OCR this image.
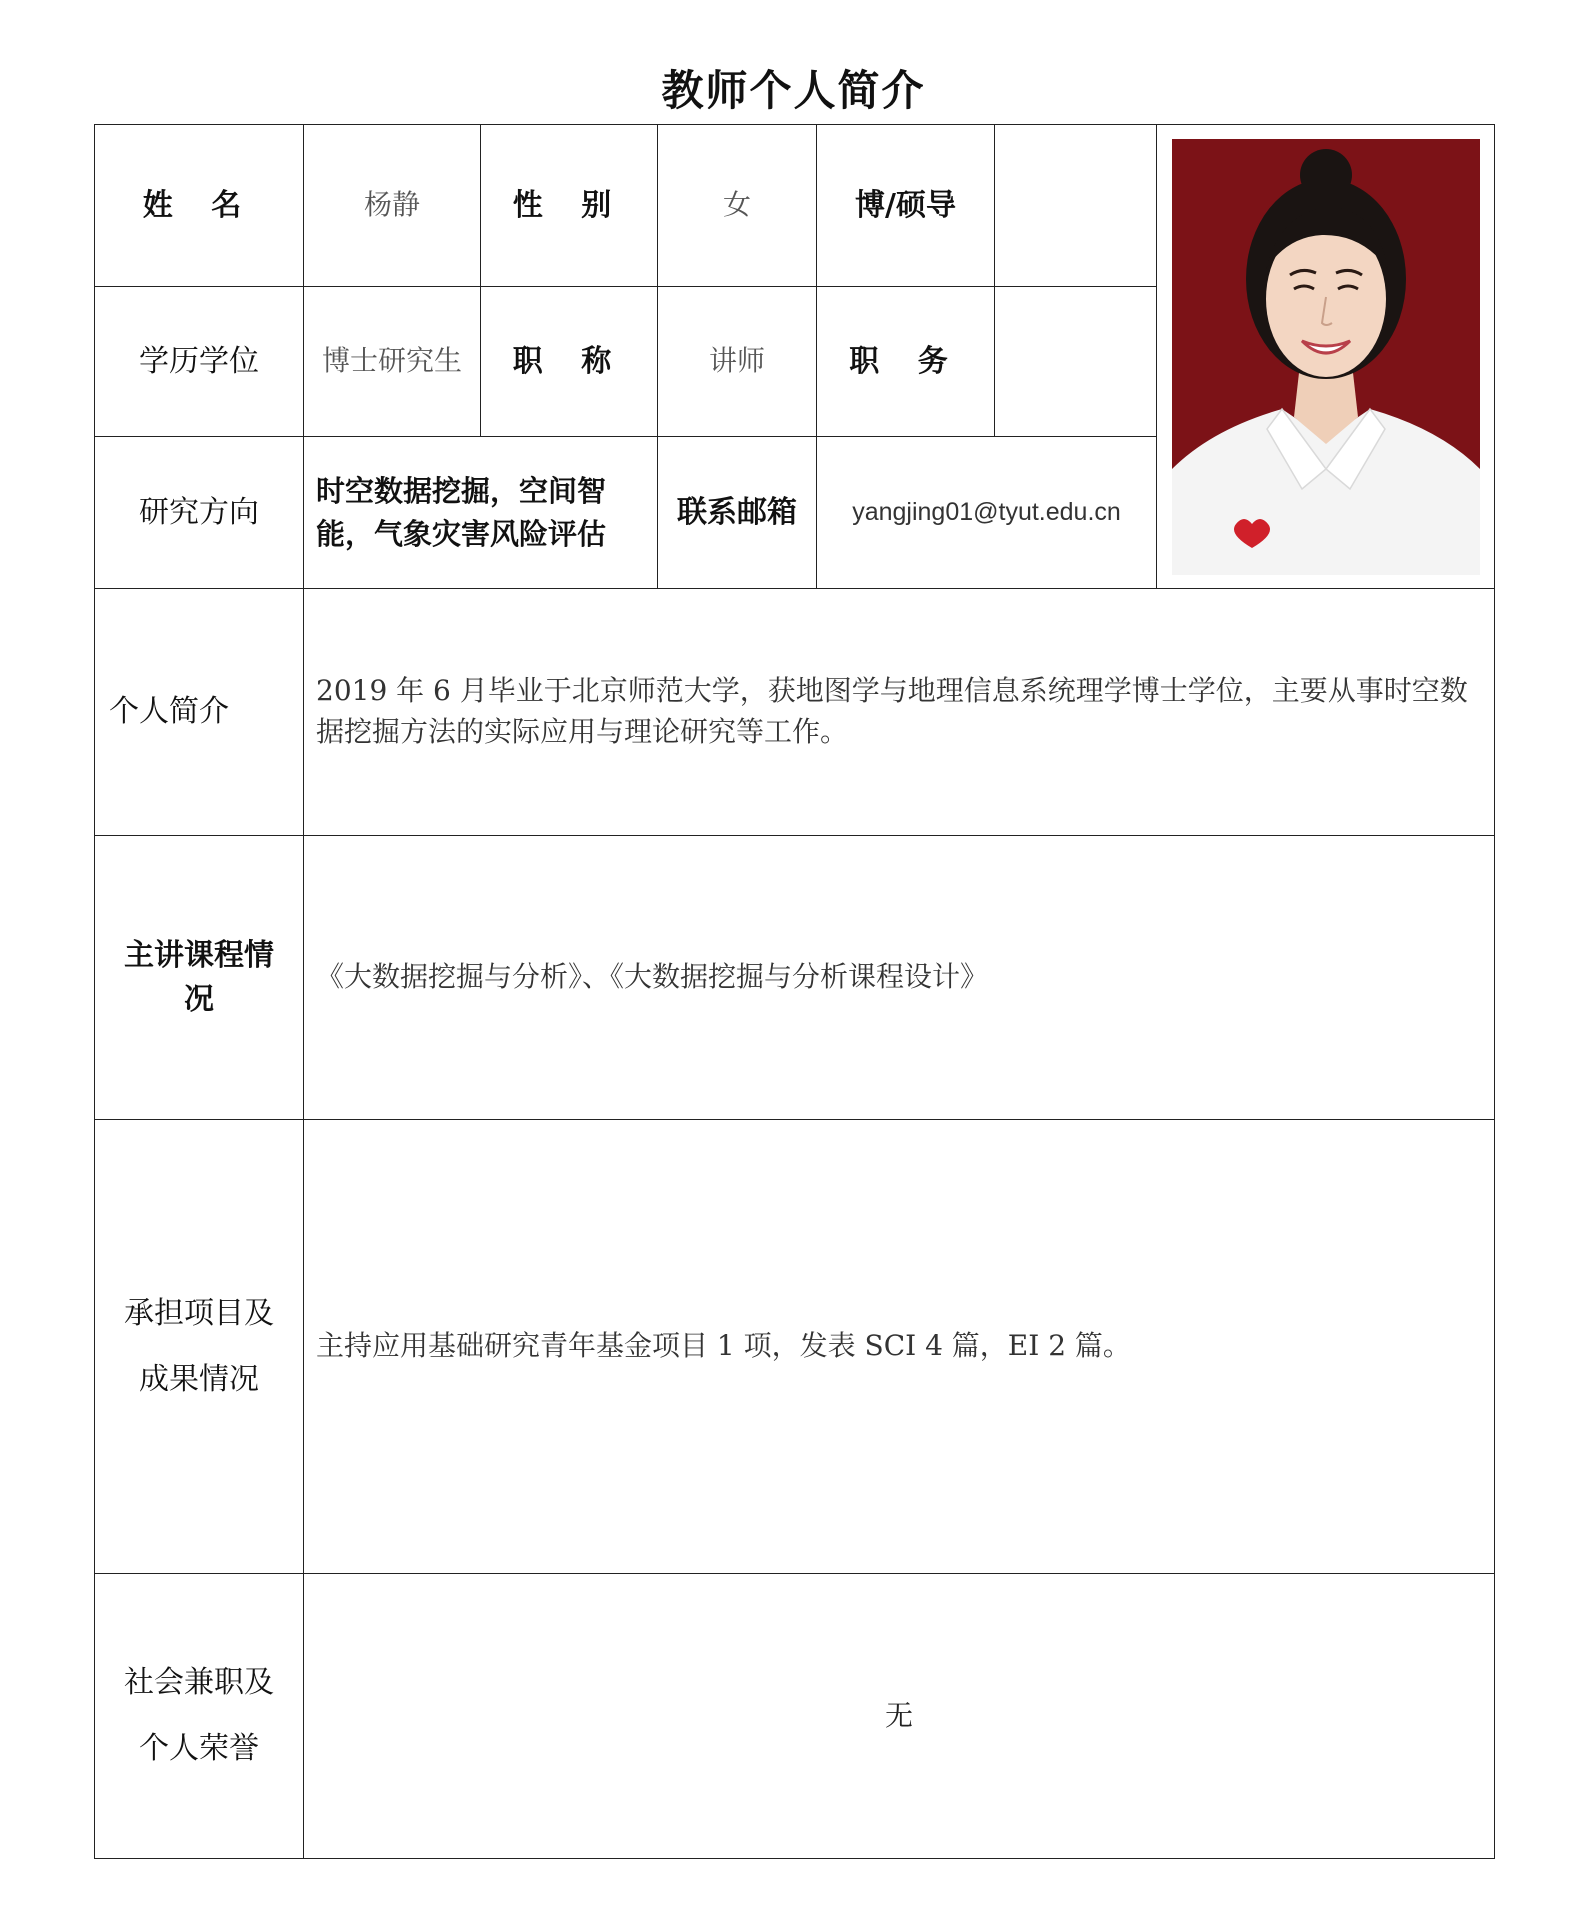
教师个人简介
姓 名	杨静	性 别	女	博/硕导		

学历学位	博士研究生	职 称	讲师	职 务		
研究方向	时空数据挖掘，空间智能，气象灾害风险评估		联系邮箱	yangjing01@tyut.edu.cn		
个人简介	2019 年 6 月毕业于北京师范大学，获地图学与地理信息系统理学博士学位，主要从事时空数据挖掘方法的实际应用与理论研究等工作。					
主讲课程情况	《大数据挖掘与分析》、《大数据挖掘与分析课程设计》					

承担项目及
成果情况	主持应用基础研究青年基金项目 1 项，发表 SCI 4 篇，EI 2 篇。					

社会兼职及
个人荣誉	无					
